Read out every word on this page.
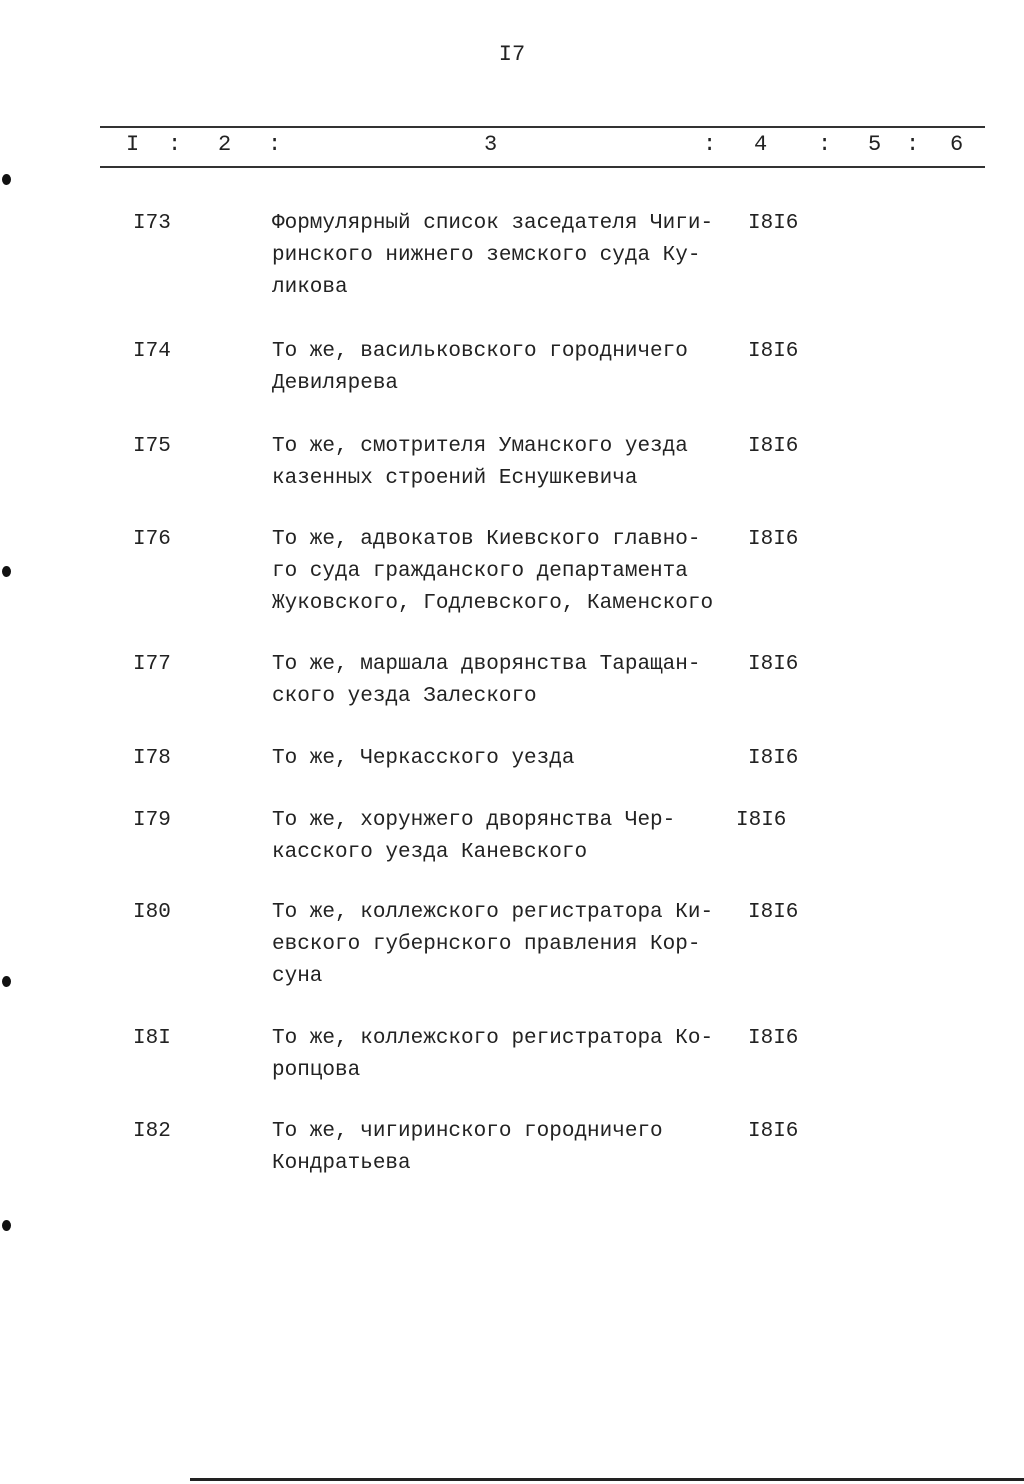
I7
I : 2 :	3	: 4 : 5 : 6
I73	Формулярный список заседателя Чиги-
ринского нижнего земского суда Ку-
ликова
I8I6
I74	То же, васильковского городничего
Девилярева
I8I6
I75	То же, смотрителя Уманского уезда
казенных строений Еснушкевича
I8I6
I76	То же, адвокатов Киевского главно-
го суда гражданского департамента
Жуковского, Годлевского, Каменского
I8I6
I77	То же, маршала дворянства Таращан-
ского уезда Залеского
I8I6
I78	То же, Черкасского уезда	I8I6
I79	То же, хорунжего дворянства Чер-
касского уезда Каневского
I8I6
I80	То же, коллежского регистратора Ки-
евского губернского правления Кор-
суна
I8I6
I8I	То же, коллежского регистратора Ко-
ропцова
I8I6
I82	То же, чигиринского городничего
Кондратьева
I8I6
